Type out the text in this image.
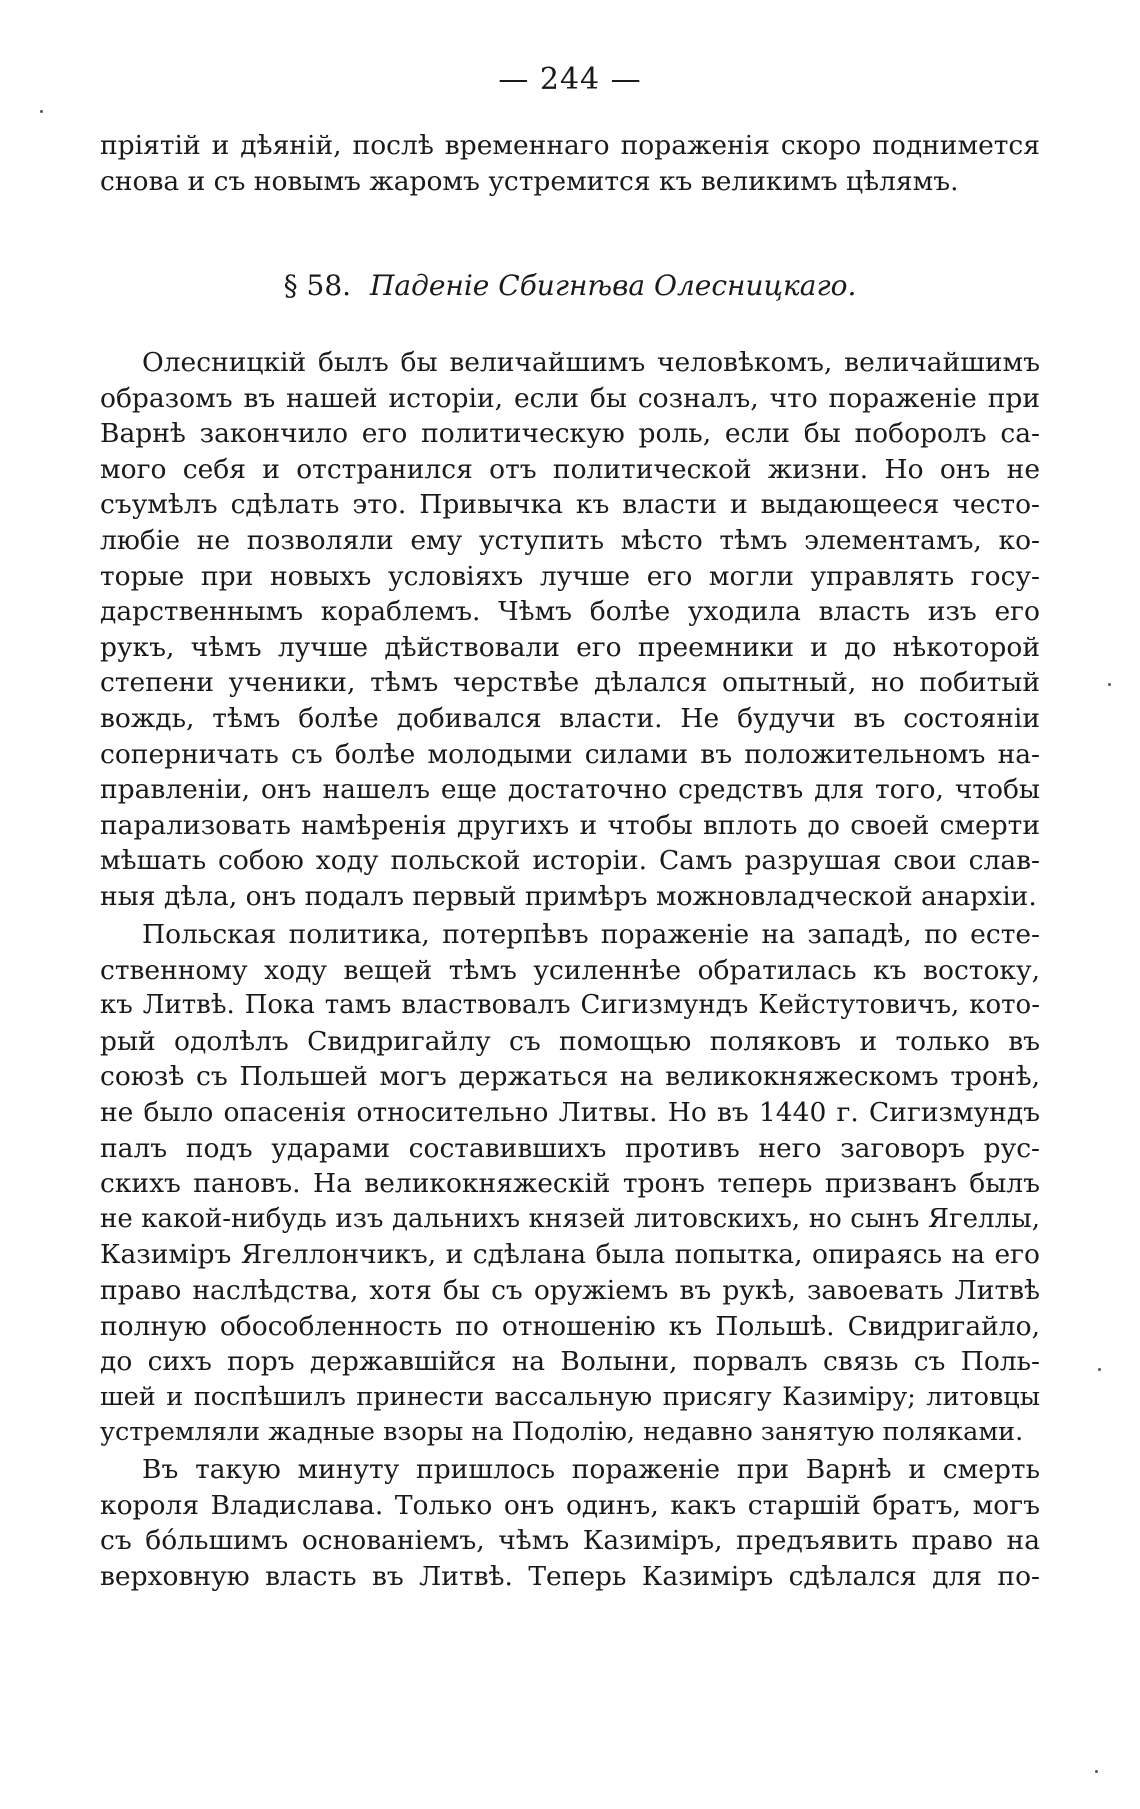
— 244 —
пріятій и дѣяній, послѣ временнаго пораженія скоро поднимется
снова и съ новымъ жаромъ устремится къ великимъ цѣлямъ.
§ 58. Паденіе Сбигнѣва Олесницкаго.
Олесницкій былъ бы величайшимъ человѣкомъ, величайшимъ
образомъ въ нашей исторіи, если бы созналъ, что пораженіе при
Варнѣ закончило его политическую роль, если бы поборолъ са-
мого себя и отстранился отъ политической жизни. Но онъ не
съумѣлъ сдѣлать это. Привычка къ власти и выдающееся често-
любіе не позволяли ему уступить мѣсто тѣмъ элементамъ, ко-
торые при новыхъ условіяхъ лучше его могли управлять госу-
дарственнымъ кораблемъ. Чѣмъ болѣе уходила власть изъ его
рукъ, чѣмъ лучше дѣйствовали его преемники и до нѣкоторой
степени ученики, тѣмъ черствѣе дѣлался опытный, но побитый
вождь, тѣмъ болѣе добивался власти. Не будучи въ состояніи
соперничать съ болѣе молодыми силами въ положительномъ на-
правленіи, онъ нашелъ еще достаточно средствъ для того, чтобы
парализовать намѣренія другихъ и чтобы вплоть до своей смерти
мѣшать собою ходу польской исторіи. Самъ разрушая свои слав-
ныя дѣла, онъ подалъ первый примѣръ можновладческой анархіи.
Польская политика, потерпѣвъ пораженіе на западѣ, по есте-
ственному ходу вещей тѣмъ усиленнѣе обратилась къ востоку,
къ Литвѣ. Пока тамъ властвовалъ Сигизмундъ Кейстутовичъ, кото-
рый одолѣлъ Свидригайлу съ помощью поляковъ и только въ
союзѣ съ Польшей могъ держаться на великокняжескомъ тронѣ,
не было опасенія относительно Литвы. Но въ 1440 г. Сигизмундъ
палъ подъ ударами составившихъ противъ него заговоръ рус-
скихъ пановъ. На великокняжескій тронъ теперь призванъ былъ
не какой-нибудь изъ дальнихъ князей литовскихъ, но сынъ Ягеллы,
Казиміръ Ягеллончикъ, и сдѣлана была попытка, опираясь на его
право наслѣдства, хотя бы съ оружіемъ въ рукѣ, завоевать Литвѣ
полную обособленность по отношенію къ Польшѣ. Свидригайло,
до сихъ поръ державшійся на Волыни, порвалъ связь съ Поль-
шей и поспѣшилъ принести вассальную присягу Казиміру; литовцы
устремляли жадные взоры на Подолію, недавно занятую поляками.
Въ такую минуту пришлось пораженіе при Варнѣ и смерть
короля Владислава. Только онъ одинъ, какъ старшій братъ, могъ
съ бо́льшимъ основаніемъ, чѣмъ Казиміръ, предъявить право на
верховную власть въ Литвѣ. Теперь Казиміръ сдѣлался для по-
